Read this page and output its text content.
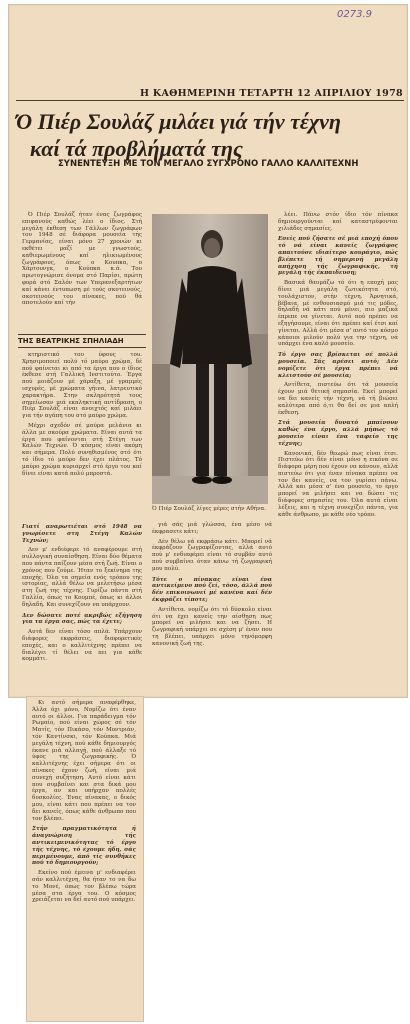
0273.9
Η ΚΑΘΗΜΕΡΙΝΗ ΤΕΤΑΡΤΗ 12 ΑΠΡΙΛΙΟΥ 1978
Ό Πιέρ Σουλάζ μιλάει γιά τήν τέχνη
καί τά προβλήματά της
ΣΥΝΕΝΤΕΥΞΗ ΜΕ ΤΟΝ ΜΕΓΑΛΟ ΣΥΓΧΡΟΝΟ ΓΑΛΛΟ ΚΑΛΛΙΤΕΧΝΗ

Ό Πιέρ Σουλάζ ήταν ένας ζωγράφος επιφανούς καθώς λέει ο ίδιος. Στή μεγάλη έκθεση των Γάλλων ζωγράφων του 1948 σέ διάφορα μουσεία τής Γερμανίας, είναι μόνο 27 χρονών κι εκθέτει μαζί με γνωστούς, καθιερωμένους καί ηλικιωμένους ζωγράφους, όπως ο Κουπκα, ο Χάρτουνγκ, ο Κούπκα κ.ά. Του πρωτογνώρισε όνομα στό Παρίσι, πρώτη φορά στό Σαλόν των Υπερανεξαρτήτων καί κάνει έντυπωση μέ τούς σκοτεινούς, σκοτεινούς του πίνακες, πού θά αποτελούν καί τήν

ΤΗΣ ΒΕΑΤΡΙΚΗΣ ΣΠΗΛΙΑΔΗ

κτηριστικό του ύφους του. Χρησιμοποιεί πολύ τό μαύρο χρώμα, δέ πού φαίνεται κι από τα έργα που ο ίδιος έκθεσε στή Γαλλική Ινστιτούτο. Έργα πού μοιάζουν μέ χάραξη, μέ γραμμές ισχυρές, μέ χρώματα γήινα, λατρευτικό χαρακτήρα. Στην σκληρότητά τους σημείωσαν μιά εκπληκτική αντίδραση, ο Πιέρ Σουλάζ είναι ανοιχτός καί μιλάει για τήν αγάπη του στό μαύρο χρώμα.

Μέχρι σχεδόν σέ μαύρα μελάνια κι άλλα με σκούρα χρώματα. Είναι αυτά τα έργα που φαίνονται στή Στέγη των Καλών Τεχνών. Ό κόσμος είναι ακόμη και σήμερα. Πολύ συνηθισμένος στό ότι τό ίδιο τό μαύρο δεν έχει πλάτος. Τό μαύρο χρώμα κυριαρχεί στό έργο του καί δίνει είναι κατά πολύ μπροστά.

Γιατί αναρωτιέται στό 1948 να γνωρίσετε στη Στέγη Καλών Τεχνών;

Δεν μ' ενδιέφερε τό αναφέρουμε στή συλλογική συναίσθηση. Είναι δύο θέματα που πάντα παίζουν μέσα στή ζωή. Είναι ο χρόνος που ζούμε. Ήταν το ξεκίνημα της εποχής. Όλα τα σημεία ενός τρόπου της ιστορίας, αλλά θέλω να μελετήσω μέσα στη ζωή της τέχνης. Γυρίζω πάντα στή Γαλλία, όπως το Κουμπέ, όπως κι άλλοι δηλαδή. Και συνεχίζουν να υπάρχουν.

Δεν δώσατε ποτέ ακριβώς εξήγηση για τα έργα σας, πώς τα έχετε;

Αυτά δεν είναι τόσο απλά. Υπάρχουν διάφορες εκφράσεις, διαφορετικές εποχές, και ο καλλιτέχνης πρέπει να διαλέγει τί θέλει να πει για κάθε κομμάτι.

Ό Πιέρ Σουλάζ λίγες μέρες στήν Αθήνα.

γιά σάς μιά γλώσσα, ένα μέσο νά έκφρασετε κάτι;

Δέν θέλω νά εκφράσω κάτι. Μπορεί νά έκφράζουν ζωγραφίζοντας, αλλά αυτό πού μ' ενδιαφέρει είναι τό συμβάν αυτό πού συμβαίνει όταν κάνω τή ζωγραφική μου πολύ.

Τότε ο πίνακας είναι ένα αντικείμενο πού ζεί, τόσο, άλλά πού δέν επικοινωνεί μέ κανένα καί δέν έκφράζει τίποτε;

Αντίθετα. νομίζω ότι τό δύσκολο είναι ότι να έχει κανείς την αίσθηση πως μπορεί να μιλήσει και να ζήσει. Η ζωγραφική υπάρχει σε σχέση μ' έναν που τη βλέπει, υπάρχει μόνο τηνόμορφη κανονική ζωή της.

λέει. Πάνω στόν ίδιο τόν πίνακα δημιουργούνται καί καταστρέφονται χιλιάδες σημασίες.

Εσείς πού ζήσατε σέ μιά εποχή όπου τό νά είναι κανείς ζωγράφος απαιτούσε ιδιαίτερο κουράγιο, πώς βλέπετε τή σημερινή μεγάλη απήχηση τής ζωγραφικής, τή μεγάλη τής έκπαιδευση;

Βασικά θαυμάζω τό ότι η εποχή μας δίνει μιά μεγάλη ζωτικότητα στό, τουλάχιστον, στήν τέχνη. Άρνητικά, βέβαια, μέ ενθουσιασμό μιά τις μόδες, δηλαδή νά κάτι πού μένει, πιο μαζικά έπρεπε να γίνεται. Αυτό πού πρέπει να εξηγήσουμε, είναι ότι πρέπει καί έτσι καί γίνεται. Αλλά ότι μέσα σ' αυτό τον κόσμο κάποιοι μιλούν πολύ για την τέχνη, νά υπάρχει ένα καλό μουσείο.

Τό έργο σας βρίσκεται σέ πολλά μουσεία. Σάς αρέσει αυτό; Δέν νομίζετε ότι έργα πρέπει νά κλειστούν σέ μουσεία;

Αντίθετα, πιστεύω ότι τά μουσεία έχουν μιά θετική σημασία. Εκεί μπορεί να δει κανείς τήν τέχνη, νά τή βιώσει καλύτερα από ό,τι θα δεί σε μια απλή έκθεση.

Στά μουσεία δυνατό μπαίνουν καθώς ένα έργο, αλλά μήπως τό μουσείο είναι ένα ταφείο της τέχνης;

Κανονικά, δέν θεωρώ πως είναι έτσι. Πιστεύω ότι δέν είναι μόνο η εικόνα σε διάφορα μέρη που έχουν να κάνουν, αλλά πιστεύω ότι για έναν πίνακα πρέπει να τον δει κανείς, να τον γυρίσει πάνω. Αλλά και μέσα σ' ένα μουσείο, το έργο μπορεί να μιλήσει και να δώσει τις διάφορες σημασίες του. Όλα αυτά είναι λέξεις, και η τέχνη συνεχίζει πάντα, για κάθε άνθρωπο, με κάθε νέο τρόπο.

Κι αυτό σήμερα αναφέρθηκε, Άλλα όχι μόνο, Νομίζω ότι έναν αυτό οι άλλοι. Για παράδειγμα τόν Ρωμαίο, πού είναι χώρος σέ τόν Ματίς, τόν Πικάσο, τόν Μοντριάν, τόν Καντίνσκι, τόν Κούπκα. Μιά μεγάλη τέχνη, πού κάθε δημιουργός έκανε μιά αλλαγή, πού άλλαξε τό ύφος της ζωγραφικής. Ό καλλιτέχνης έχει σήμερα ότι οι πίνακες έχουν ζωή, είναι μιά συνεχή συζήτηση. Αυτό είναι κάτι που συμβαίνει και στα δικά μου έργα, αν και υπήρχαν πολλές δυσκολίες. Ένας πίνακας, ο δικός μου, είναι κάτι που πρέπει να τον δει κανείς, όπως κάθε άνθρωπο που τον βλέπει.

Στήν πραγματικότητα ή άναγνώριση τής αντικειμενικότητας τό έργο τής τέχνης, τό έχουμε ήδη, σάς περιμένουμε, άπό τίς συνθήκες πού τό δημιουργούν;

Εκείνο πού έμεινα μ' ενδιαφέρει σάν καλλιτέχνη, θα ήταν το να δω το Μονέ, όπως τον βλέπω τώρα μέσα στα έργα του. Ο κόσμος χρειάζεται να δεί αυτό πού υπάρχει.
